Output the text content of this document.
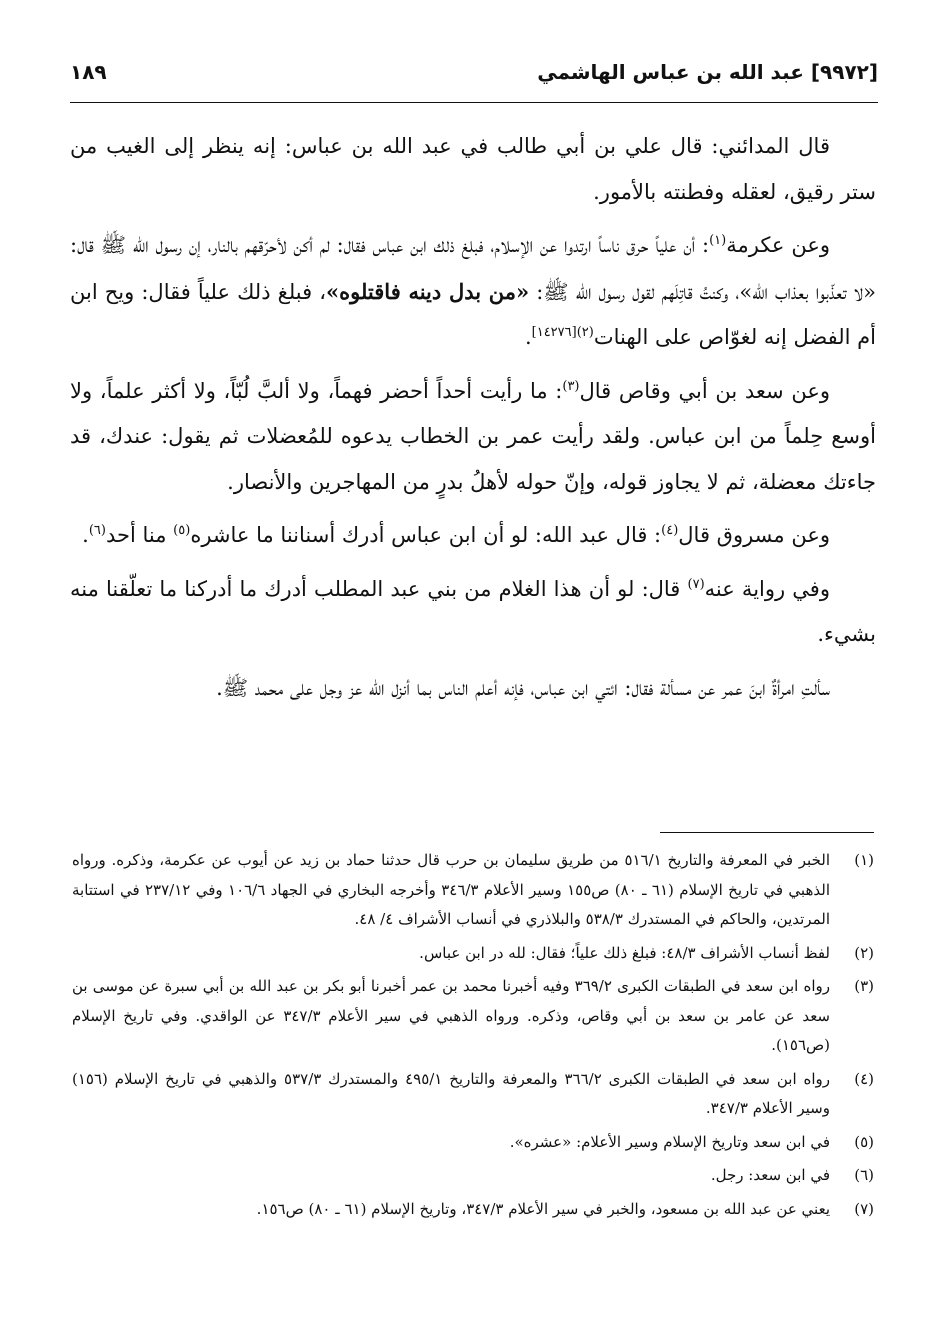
[٩٩٧٢] عبد الله بن عباس الهاشمي
١٨٩

قال المدائني: قال علي بن أبي طالب في عبد الله بن عباس: إنه ينظر إلى الغيب من ستر رقيق، لعقله وفطنته بالأمور.

وعن عكرمة$^{(١)}$: أن علياً حرق ناساً ارتدوا عن الإسلام، فبلغ ذلك ابن عباس فقال: لم أكن لأحرّقهم بالنار، إن رسول الله ﷺ قال: «لا تعذّبوا بعذاب الله»، وكنتُ قاتِلَهم لقول رسول الله ﷺ: «من بدل دينه فاقتلوه»، فبلغ ذلك علياً فقال: ويح ابن أم الفضل إنه لغوّاص على الهنات$^{(٢)[١٤٢٧٦]}$.

وعن سعد بن أبي وقاص قال$^{(٣)}$: ما رأيت أحداً أحضر فهماً، ولا ألبَّ لُبّاً، ولا أكثر علماً، ولا أوسع حِلماً من ابن عباس. ولقد رأيت عمر بن الخطاب يدعوه للمُعضلات ثم يقول: عندك، قد جاءتك معضلة، ثم لا يجاوز قوله، وإنّ حوله لأهلُ بدرٍ من المهاجرين والأنصار.

وعن مسروق قال$^{(٤)}$: قال عبد الله: لو أن ابن عباس أدرك أسناننا ما عاشره$^{(٥)}$ منا أحد$^{(٦)}$.

وفي رواية عنه$^{(٧)}$ قال: لو أن هذا الغلام من بني عبد المطلب أدرك ما أدركنا ما تعلّقنا منه بشيء.

سألتِ امرأةٌ ابنَ عمر عن مسألة فقال: ائتي ابن عباس، فإنه أعلم الناس بما أنزل الله عز وجل على محمد ﷺ.

(١)
الخبر في المعرفة والتاريخ ٥١٦/١ من طريق سليمان بن حرب قال حدثنا حماد بن زيد عن أيوب عن عكرمة، وذكره. ورواه الذهبي في تاريخ الإسلام (٦١ ـ ٨٠) ص١٥٥ وسير الأعلام ٣٤٦/٣ وأخرجه البخاري في الجهاد ١٠٦/٦ وفي ٢٣٧/١٢ في استتابة المرتدين، والحاكم في المستدرك ٥٣٨/٣ والبلاذري في أنساب الأشراف ٤/ ٤٨.
(٢)
لفظ أنساب الأشراف ٤٨/٣: فبلغ ذلك علياً؛ فقال: لله در ابن عباس.
(٣)
رواه ابن سعد في الطبقات الكبرى ٣٦٩/٢ وفيه أخبرنا محمد بن عمر أخبرنا أبو بكر بن عبد الله بن أبي سبرة عن موسى بن سعد عن عامر بن سعد بن أبي وقاص، وذكره. ورواه الذهبي في سير الأعلام ٣٤٧/٣ عن الواقدي. وفي تاريخ الإسلام (ص١٥٦).
(٤)
رواه ابن سعد في الطبقات الكبرى ٣٦٦/٢ والمعرفة والتاريخ ٤٩٥/١ والمستدرك ٥٣٧/٣ والذهبي في تاريخ الإسلام (١٥٦) وسير الأعلام ٣٤٧/٣.
(٥)
في ابن سعد وتاريخ الإسلام وسير الأعلام: «عشره».
(٦)
في ابن سعد: رجل.
(٧)
يعني عن عبد الله بن مسعود، والخبر في سير الأعلام ٣٤٧/٣، وتاريخ الإسلام (٦١ ـ ٨٠) ص١٥٦.
